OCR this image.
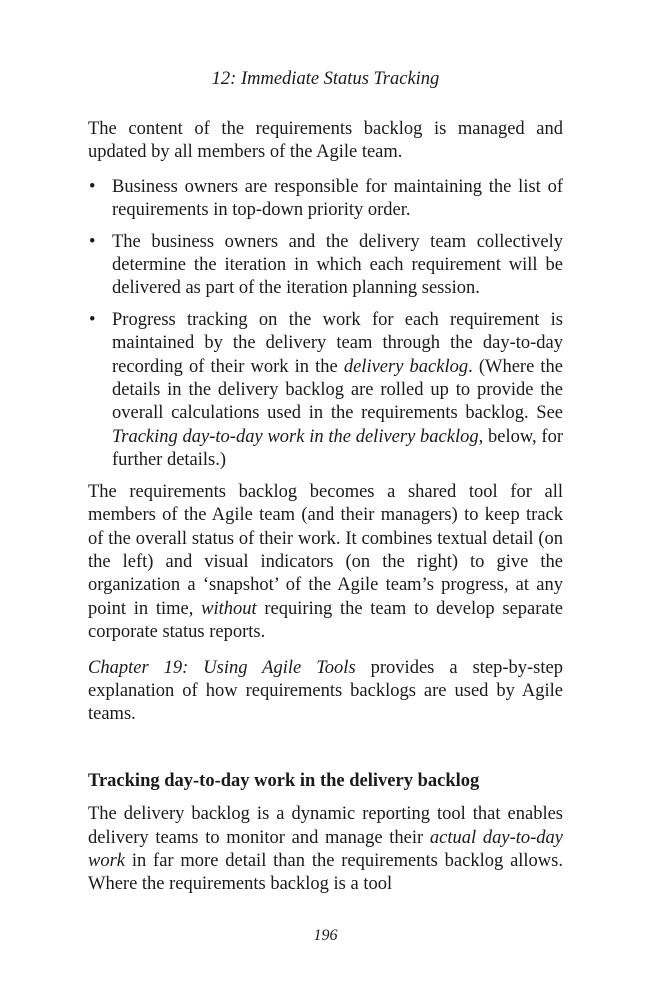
12: Immediate Status Tracking

The content of the requirements backlog is managed and updated by all members of the Agile team.

• Business owners are responsible for maintaining the list of requirements in top-down priority order.
• The business owners and the delivery team collectively determine the iteration in which each requirement will be delivered as part of the iteration planning session.
• Progress tracking on the work for each requirement is maintained by the delivery team through the day-to-day recording of their work in the delivery backlog. (Where the details in the delivery backlog are rolled up to provide the overall calculations used in the requirements backlog. See Tracking day-to-day work in the delivery backlog, below, for further details.)

The requirements backlog becomes a shared tool for all members of the Agile team (and their managers) to keep track of the overall status of their work. It combines textual detail (on the left) and visual indicators (on the right) to give the organization a ‘snapshot’ of the Agile team’s progress, at any point in time, without requiring the team to develop separate corporate status reports.

Chapter 19: Using Agile Tools provides a step-by-step explanation of how requirements backlogs are used by Agile teams.

Tracking day-to-day work in the delivery backlog

The delivery backlog is a dynamic reporting tool that enables delivery teams to monitor and manage their actual day-to-day work in far more detail than the requirements backlog allows. Where the requirements backlog is a tool

196
